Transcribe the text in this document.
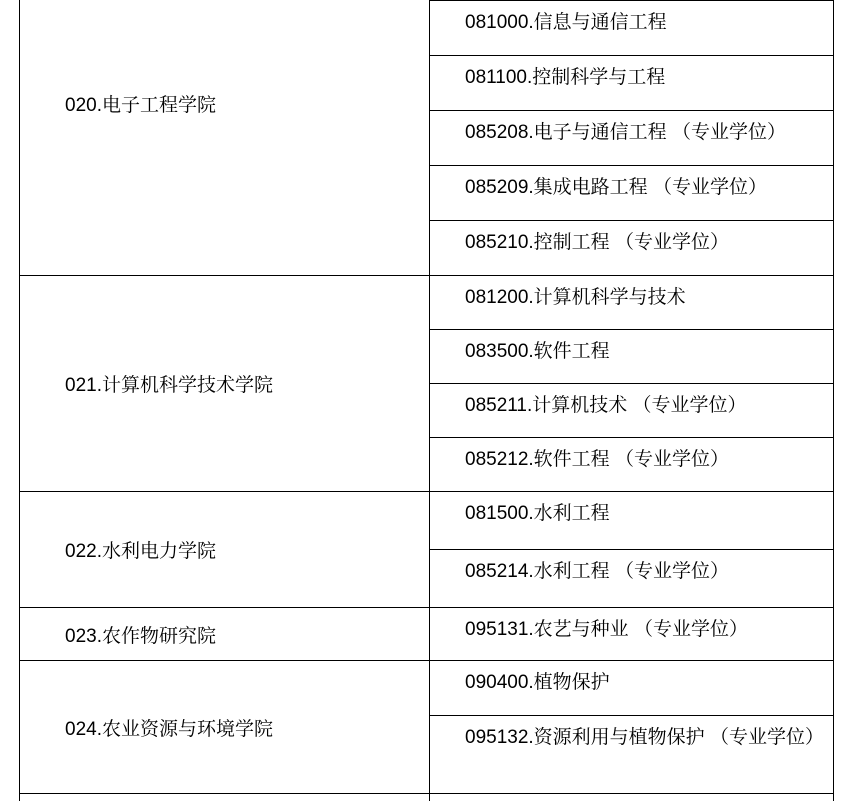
020.电子工程学院
081000.信息与通信工程
081100.控制科学与工程
085208.电子与通信工程 （专业学位）
085209.集成电路工程 （专业学位）
085210.控制工程 （专业学位）
021.计算机科学技术学院
081200.计算机科学与技术
083500.软件工程
085211.计算机技术 （专业学位）
085212.软件工程 （专业学位）
022.水利电力学院
081500.水利工程
085214.水利工程 （专业学位）
023.农作物研究院	095131.农艺与种业 （专业学位）
024.农业资源与环境学院
090400.植物保护
095132.资源利用与植物保护 （专业学位）
